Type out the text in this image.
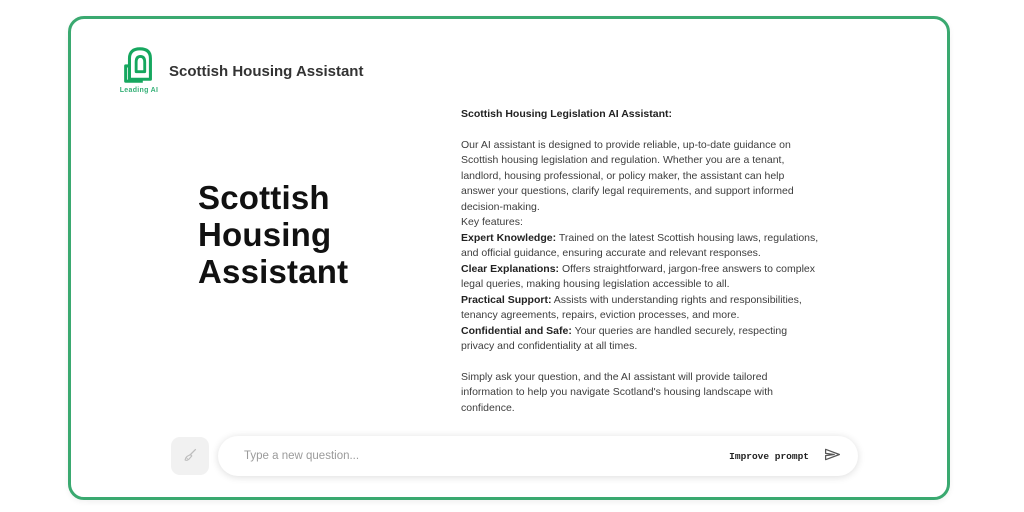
Leading AI
Scottish Housing Assistant
Scottish
Housing
Assistant
Scottish Housing Legislation AI Assistant:
Our AI assistant is designed to provide reliable, up-to-date guidance on Scottish housing legislation and regulation. Whether you are a tenant, landlord, housing professional, or policy maker, the assistant can help answer your questions, clarify legal requirements, and support informed decision-making.
Key features:
Expert Knowledge: Trained on the latest Scottish housing laws, regulations, and official guidance, ensuring accurate and relevant responses.
Clear Explanations: Offers straightforward, jargon-free answers to complex legal queries, making housing legislation accessible to all.
Practical Support: Assists with understanding rights and responsibilities, tenancy agreements, repairs, eviction processes, and more.
Confidential and Safe: Your queries are handled securely, respecting privacy and confidentiality at all times.
Simply ask your question, and the AI assistant will provide tailored information to help you navigate Scotland's housing landscape with confidence.
Type a new question...
Improve prompt
